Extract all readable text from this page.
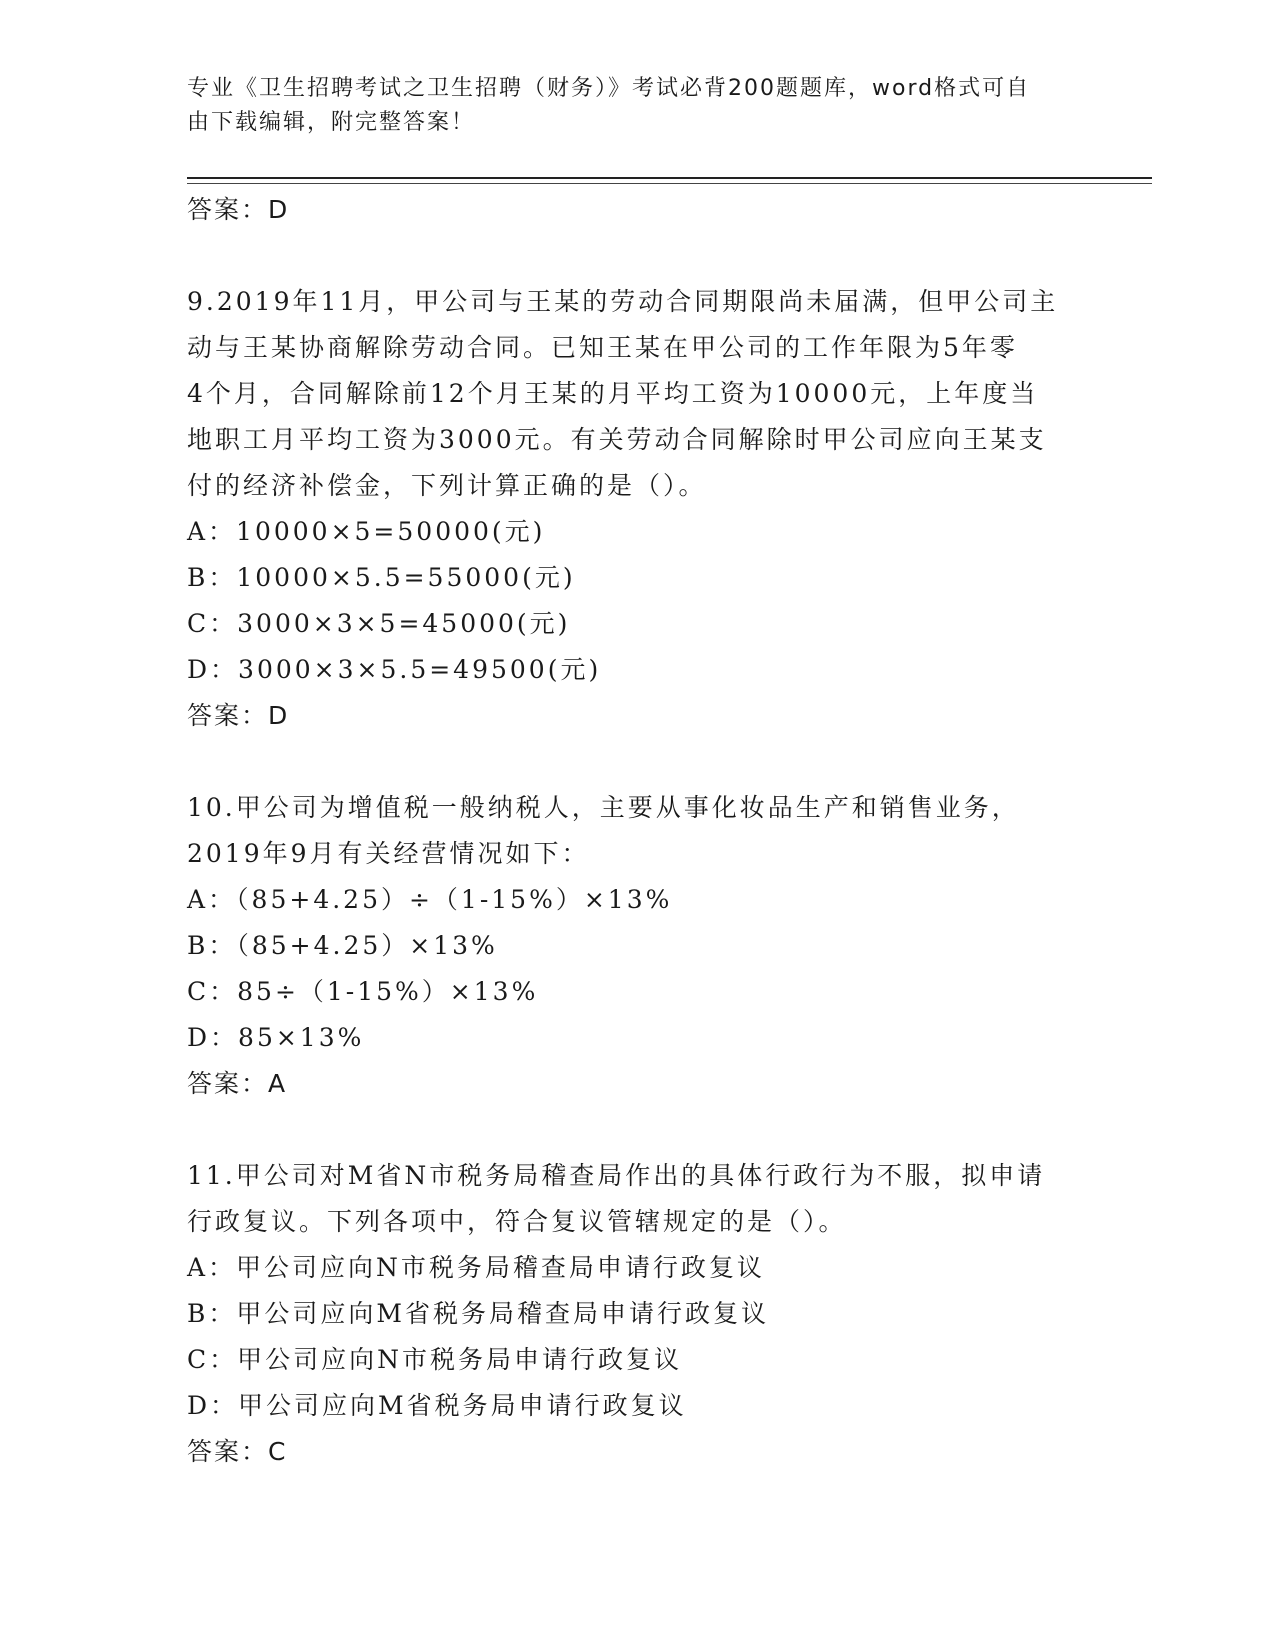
专业《卫生招聘考试之卫生招聘（财务）》考试必背200题题库，word格式可自
由下载编辑，附完整答案！
答案：D
9.2019年11月，甲公司与王某的劳动合同期限尚未届满，但甲公司主
动与王某协商解除劳动合同。已知王某在甲公司的工作年限为5年零
4个月，合同解除前12个月王某的月平均工资为10000元，上年度当
地职工月平均工资为3000元。有关劳动合同解除时甲公司应向王某支
付的经济补偿金，下列计算正确的是（）。
A：10000×5=50000(元)
B：10000×5.5=55000(元)
C：3000×3×5=45000(元)
D：3000×3×5.5=49500(元)
答案：D
10.甲公司为增值税一般纳税人，主要从事化妆品生产和销售业务，
2019年9月有关经营情况如下：
A：（85+4.25）÷（1-15%）×13%
B：（85+4.25）×13%
C：85÷（1-15%）×13%
D：85×13%
答案：A
11.甲公司对M省N市税务局稽查局作出的具体行政行为不服，拟申请
行政复议。下列各项中，符合复议管辖规定的是（）。
A：甲公司应向N市税务局稽查局申请行政复议
B：甲公司应向M省税务局稽查局申请行政复议
C：甲公司应向N市税务局申请行政复议
D：甲公司应向M省税务局申请行政复议
答案：C
